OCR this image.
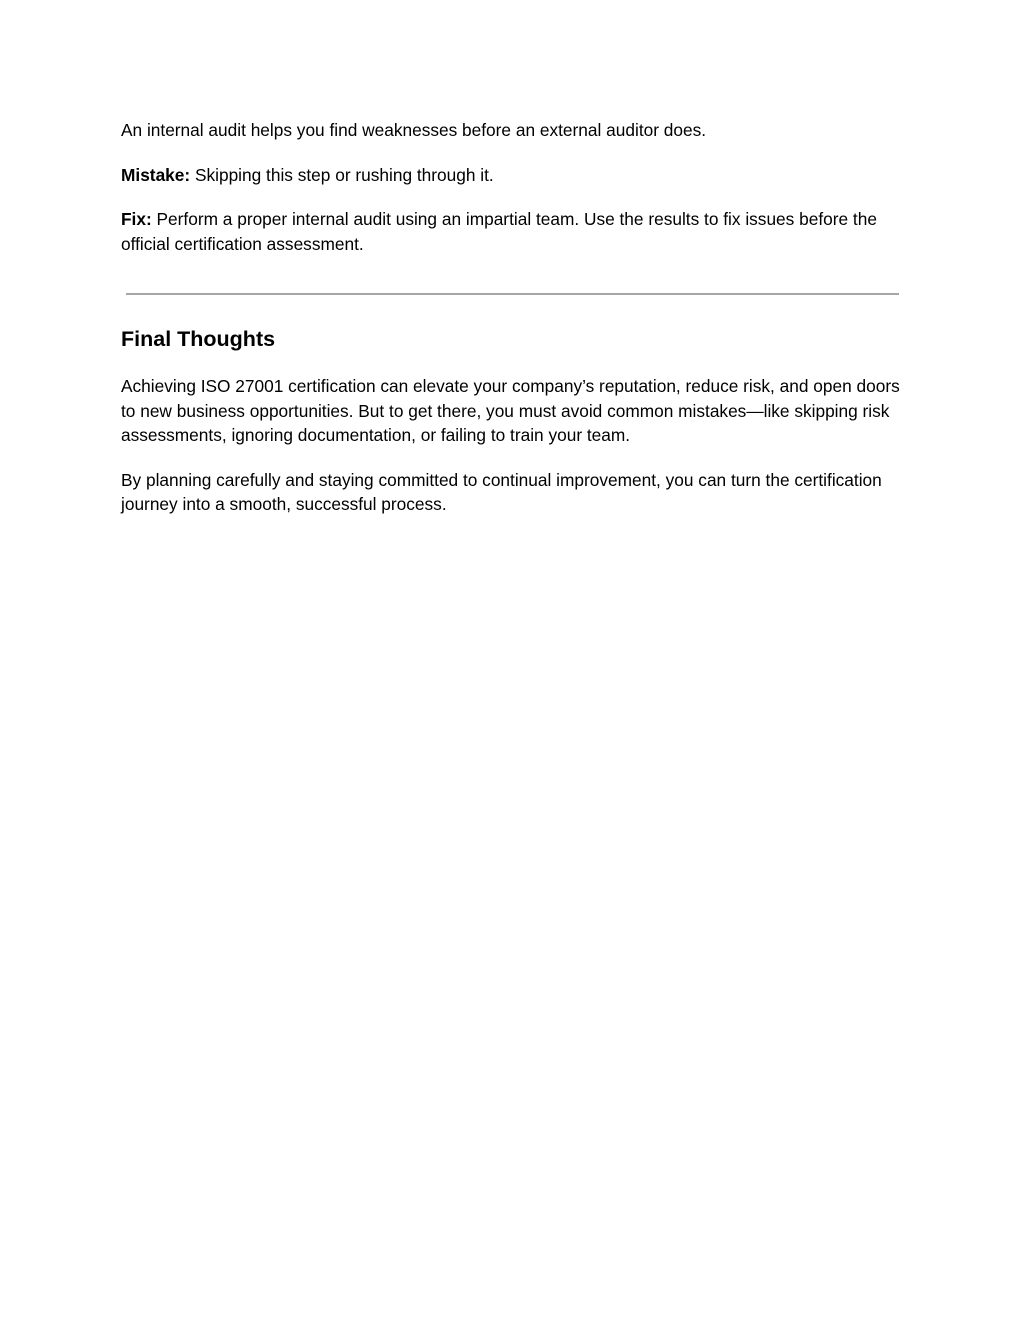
An internal audit helps you find weaknesses before an external auditor does.

Mistake: Skipping this step or rushing through it.

Fix: Perform a proper internal audit using an impartial team. Use the results to fix issues before the official certification assessment.

Final Thoughts

Achieving ISO 27001 certification can elevate your company’s reputation, reduce risk, and open doors to new business opportunities. But to get there, you must avoid common mistakes—like skipping risk assessments, ignoring documentation, or failing to train your team.

By planning carefully and staying committed to continual improvement, you can turn the certification journey into a smooth, successful process.
